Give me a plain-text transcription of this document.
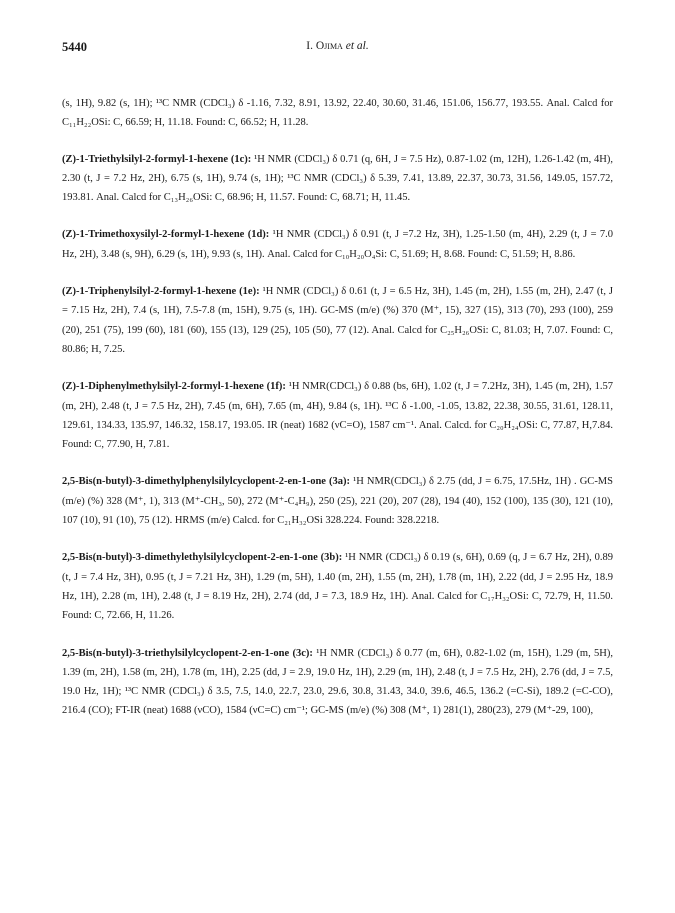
5440	I. Ojima et al.

(s, 1H), 9.82 (s, 1H); ¹³C NMR (CDCl₃) δ -1.16, 7.32, 8.91, 13.92, 22.40, 30.60, 31.46, 151.06, 156.77, 193.55. Anal. Calcd for C₁₁H₂₂OSi: C, 66.59; H, 11.18. Found: C, 66.52; H, 11.28.

(Z)-1-Triethylsilyl-2-formyl-1-hexene (1c): ¹H NMR (CDCl₃) δ 0.71 (q, 6H, J = 7.5 Hz), 0.87-1.02 (m, 12H), 1.26-1.42 (m, 4H), 2.30 (t, J = 7.2 Hz, 2H), 6.75 (s, 1H), 9.74 (s, 1H); ¹³C NMR (CDCl₃) δ 5.39, 7.41, 13.89, 22.37, 30.73, 31.56, 149.05, 157.72, 193.81. Anal. Calcd for C₁₃H₂₆OSi: C, 68.96; H, 11.57. Found: C, 68.71; H, 11.45.

(Z)-1-Trimethoxysilyl-2-formyl-1-hexene (1d): ¹H NMR (CDCl₃) δ 0.91 (t, J =7.2 Hz, 3H), 1.25-1.50 (m, 4H), 2.29 (t, J = 7.0 Hz, 2H), 3.48 (s, 9H), 6.29 (s, 1H), 9.93 (s, 1H). Anal. Calcd for C₁₀H₂₀O₄Si: C, 51.69; H, 8.68. Found: C, 51.59; H, 8.86.

(Z)-1-Triphenylsilyl-2-formyl-1-hexene (1e): ¹H NMR (CDCl₃) δ 0.61 (t, J = 6.5 Hz, 3H), 1.45 (m, 2H), 1.55 (m, 2H), 2.47 (t, J = 7.15 Hz, 2H), 7.4 (s, 1H), 7.5-7.8 (m, 15H), 9.75 (s, 1H). GC-MS (m/e) (%) 370 (M⁺, 15), 327 (15), 313 (70), 293 (100), 259 (20), 251 (75), 199 (60), 181 (60), 155 (13), 129 (25), 105 (50), 77 (12). Anal. Calcd for C₂₅H₂₆OSi: C, 81.03; H, 7.07. Found: C, 80.86; H, 7.25.

(Z)-1-Diphenylmethylsilyl-2-formyl-1-hexene (1f): ¹H NMR(CDCl₃) δ 0.88 (bs, 6H), 1.02 (t, J = 7.2Hz, 3H), 1.45 (m, 2H), 1.57 (m, 2H), 2.48 (t, J = 7.5 Hz, 2H), 7.45 (m, 6H), 7.65 (m, 4H), 9.84 (s, 1H). ¹³C δ -1.00, -1.05, 13.82, 22.38, 30.55, 31.61, 128.11, 129.61, 134.33, 135.97, 146.32, 158.17, 193.05. IR (neat) 1682 (νC=O), 1587 cm⁻¹. Anal. Calcd. for C₂₀H₂₄OSi: C, 77.87, H,7.84. Found: C, 77.90, H, 7.81.

2,5-Bis(n-butyl)-3-dimethylphenylsilylcyclopent-2-en-1-one (3a): ¹H NMR(CDCl₃) δ 2.75 (dd, J = 6.75, 17.5Hz, 1H) . GC-MS (m/e) (%) 328 (M⁺, 1), 313 (M⁺-CH₃, 50), 272 (M⁺-C₄H₉), 250 (25), 221 (20), 207 (28), 194 (40), 152 (100), 135 (30), 121 (10), 107 (10), 91 (10), 75 (12). HRMS (m/e) Calcd. for C₂₁H₃₂OSi 328.224. Found: 328.2218.

2,5-Bis(n-butyl)-3-dimethylethylsilylcyclopent-2-en-1-one (3b): ¹H NMR (CDCl₃) δ 0.19 (s, 6H), 0.69 (q, J = 6.7 Hz, 2H), 0.89 (t, J = 7.4 Hz, 3H), 0.95 (t, J = 7.21 Hz, 3H), 1.29 (m, 5H), 1.40 (m, 2H), 1.55 (m, 2H), 1.78 (m, 1H), 2.22 (dd, J = 2.95 Hz, 18.9 Hz, 1H), 2.28 (m, 1H), 2.48 (t, J = 8.19 Hz, 2H), 2.74 (dd, J = 7.3, 18.9 Hz, 1H). Anal. Calcd for C₁₇H₃₂OSi: C, 72.79, H, 11.50. Found: C, 72.66, H, 11.26.

2,5-Bis(n-butyl)-3-triethylsilylcyclopent-2-en-1-one (3c): ¹H NMR (CDCl₃) δ 0.77 (m, 6H), 0.82-1.02 (m, 15H), 1.29 (m, 5H), 1.39 (m, 2H), 1.58 (m, 2H), 1.78 (m, 1H), 2.25 (dd, J = 2.9, 19.0 Hz, 1H), 2.29 (m, 1H), 2.48 (t, J = 7.5 Hz, 2H), 2.76 (dd, J = 7.5, 19.0 Hz, 1H); ¹³C NMR (CDCl₃) δ 3.5, 7.5, 14.0, 22.7, 23.0, 29.6, 30.8, 31.43, 34.0, 39.6, 46.5, 136.2 (=C-Si), 189.2 (=C-CO), 216.4 (CO); FT-IR (neat) 1688 (νCO), 1584 (νC=C) cm⁻¹; GC-MS (m/e) (%) 308 (M⁺, 1) 281(1), 280(23), 279 (M⁺-29, 100),
